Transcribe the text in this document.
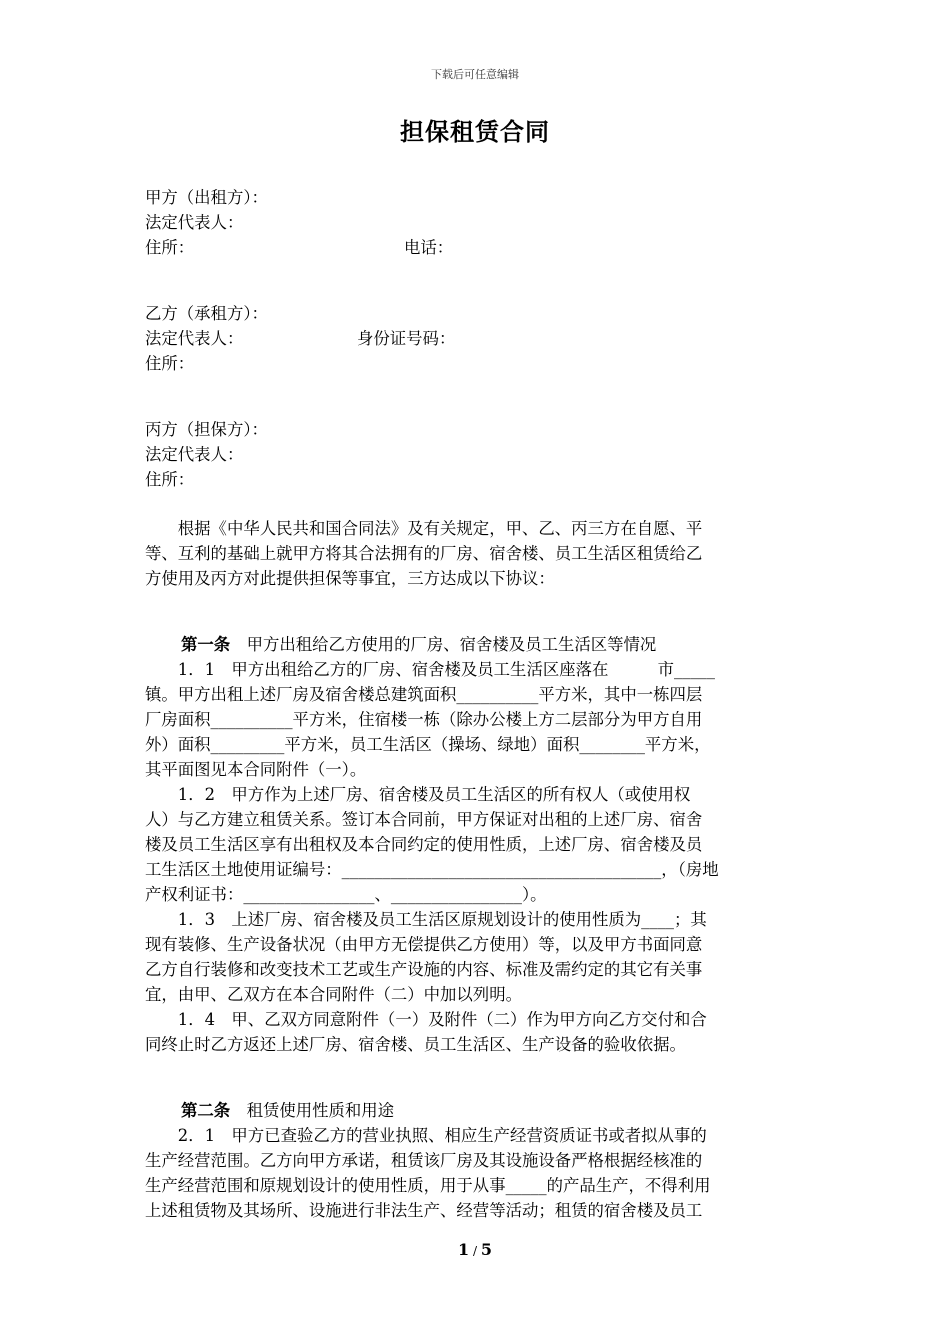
下载后可任意编辑
担保租赁合同
甲方（出租方）：
法定代表人：
住所：	电话：
乙方（承租方）：
法定代表人：	身份证号码：
住所：
丙方（担保方）：
法定代表人：
住所：
　　根据《中华人民共和国合同法》及有关规定，甲、乙、丙三方在自愿、平
等、互利的基础上就甲方将其合法拥有的厂房、宿舍楼、员工生活区租赁给乙
方使用及丙方对此提供担保等事宜，三方达成以下协议：
第一条　 甲方出租给乙方使用的厂房、宿舍楼及员工生活区等情况
　　1．1　甲方出租给乙方的厂房、宿舍楼及员工生活区座落在　　　市_____
镇。甲方出租上述厂房及宿舍楼总建筑面积__________平方米，其中一栋四层
厂房面积__________平方米，住宿楼一栋（除办公楼上方二层部分为甲方自用
外）面积_________平方米，员工生活区（操场、绿地）面积________平方米，
其平面图见本合同附件（一）。
　　1．2　甲方作为上述厂房、宿舍楼及员工生活区的所有权人（或使用权
人）与乙方建立租赁关系。签订本合同前，甲方保证对出租的上述厂房、宿舍
楼及员工生活区享有出租权及本合同约定的使用性质，上述厂房、宿舍楼及员
工生活区土地使用证编号：_______________________________________，（房地
产权利证书：________________、________________）。
　　1．3　上述厂房、宿舍楼及员工生活区原规划设计的使用性质为____；其
现有装修、生产设备状况（由甲方无偿提供乙方使用）等，以及甲方书面同意
乙方自行装修和改变技术工艺或生产设施的内容、标准及需约定的其它有关事
宜，由甲、乙双方在本合同附件（二）中加以列明。
　　1．4　甲、乙双方同意附件（一）及附件（二）作为甲方向乙方交付和合
同终止时乙方返还上述厂房、宿舍楼、员工生活区、生产设备的验收依据。
第二条　 租赁使用性质和用途
　　2．1　甲方已查验乙方的营业执照、相应生产经营资质证书或者拟从事的
生产经营范围。乙方向甲方承诺，租赁该厂房及其设施设备严格根据经核准的
生产经营范围和原规划设计的使用性质，用于从事_____的产品生产，不得利用
上述租赁物及其场所、设施进行非法生产、经营等活动；租赁的宿舍楼及员工
1 / 5
